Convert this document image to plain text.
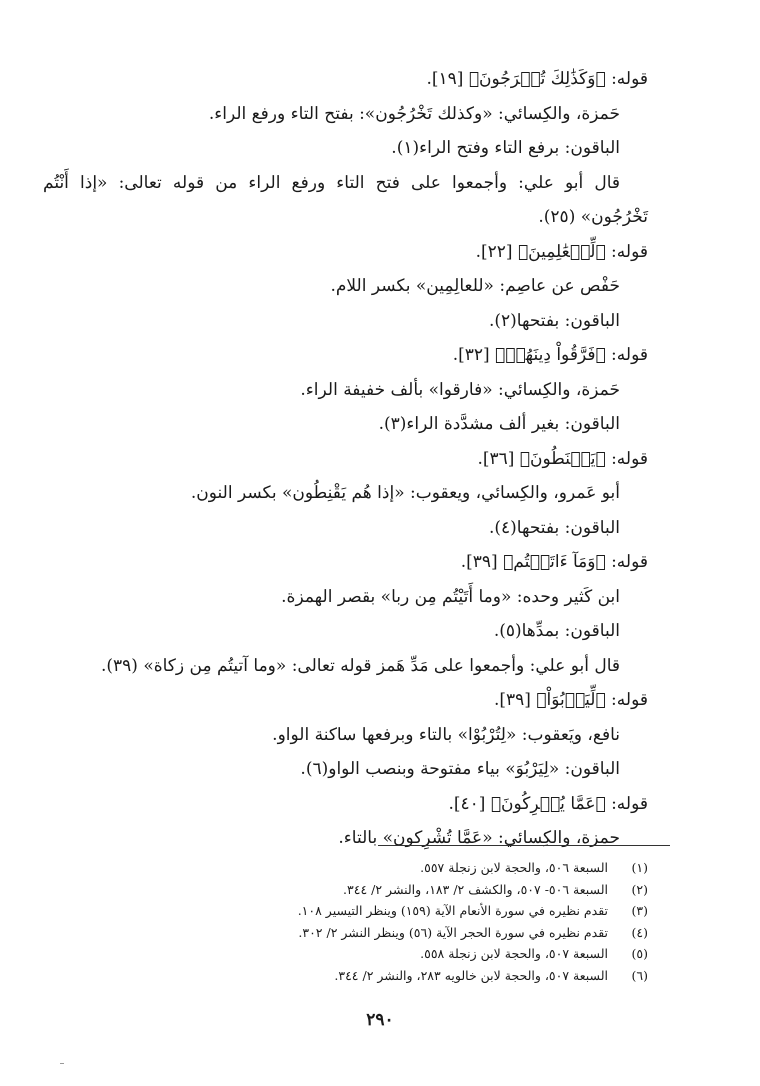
قوله: ﴿وَكَذَٰلِكَ تُخۡرَجُونَ﴾ [١٩].
حَمزة، والكِسائي: «وكذلك تَخْرُجُون»: بفتح التاء ورفع الراء.
الباقون: برفع التاء وفتح الراء(١).
قال أبو علي: وأجمعوا على فتح التاء ورفع الراء من قوله تعالى: «إذا أَنْتُم
تَخْرُجُون» (٢٥).
قوله: ﴿لِّلۡعَٰلِمِينَ﴾ [٢٢].
حَفْص عن عاصِم: «للعالِمِين» بكسر اللام.
الباقون: بفتحها(٢).
قوله: ﴿فَرَّقُواْ دِينَهُمۡ﴾ [٣٢].
حَمزة، والكِسائي: «فارقوا» بألف خفيفة الراء.
الباقون: بغير ألف مشدَّدة الراء(٣).
قوله: ﴿يَقۡنَطُونَ﴾ [٣٦].
أبو عَمرو، والكِسائي، ويعقوب: «إذا هُم يَقْنِطُون» بكسر النون.
الباقون: بفتحها(٤).
قوله: ﴿وَمَآ ءَاتَيۡتُم﴾ [٣٩].
ابن كَثير وحده: «وما أَتَيْتُم مِن ربا» بقصر الهمزة.
الباقون: بمدِّها(٥).
قال أبو علي: وأجمعوا على مَدِّ هَمز قوله تعالى: «وما آتيتُم مِن زكاة» (٣٩).
قوله: ﴿لِّيَرۡبُوَاْ﴾ [٣٩].
نافع، ويَعقوب: «لِتُرْبُوْا» بالتاء وبرفعها ساكنة الواو.
الباقون: «لِيَرْبُوَ» بياء مفتوحة وبنصب الواو(٦).
قوله: ﴿عَمَّا يُشۡرِكُونَ﴾ [٤٠].
حمزة، والكِسائي: «عَمَّا تُشْرِكون» بالتاء.
(١)
السبعة ٥٠٦، والحجة لابن زنجلة ٥٥٧.
(٢)
السبعة ٥٠٦- ٥٠٧، والكشف ٢/ ١٨٣، والنشر ٢/ ٣٤٤.
(٣)
تقدم نظيره في سورة الأنعام الآية (١٥٩) وينظر التيسير ١٠٨.
(٤)
تقدم نظيره في سورة الحجر الآية (٥٦) وينظر النشر ٢/ ٣٠٢.
(٥)
السبعة ٥٠٧، والحجة لابن زنجلة ٥٥٨.
(٦)
السبعة ٥٠٧، والحجة لابن خالويه ٢٨٣، والنشر ٢/ ٣٤٤.
٢٩٠
